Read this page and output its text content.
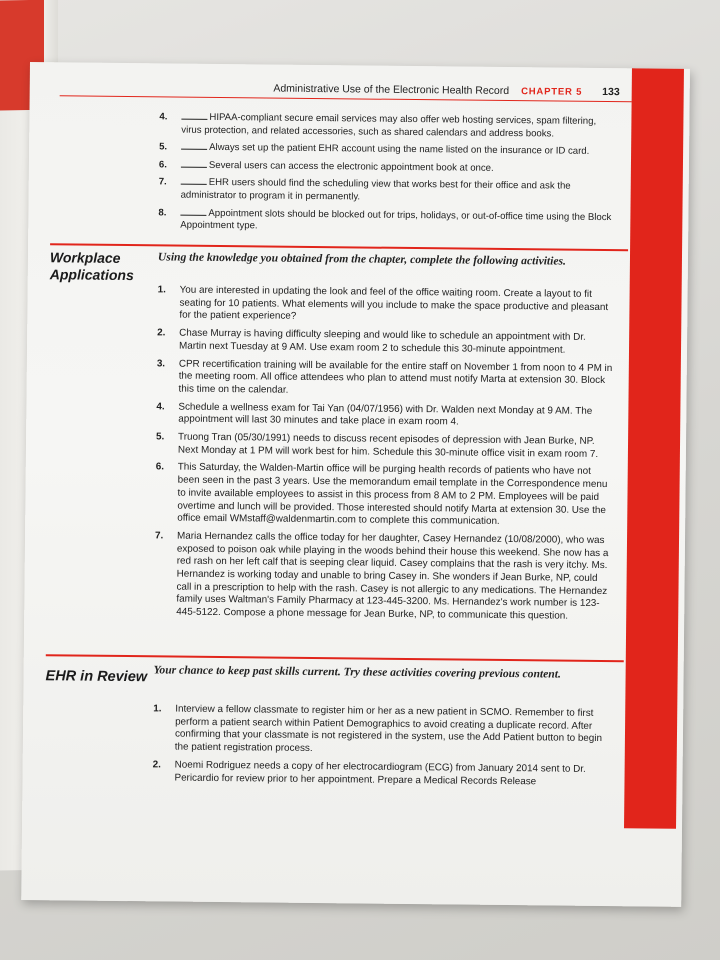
Administrative Use of the Electronic Health Record CHAPTER 5 133
4.	HIPAA-compliant secure email services may also offer web hosting services, spam filtering, virus protection, and related accessories, such as shared calendars and address books.
5.	Always set up the patient EHR account using the name listed on the insurance or ID card.
6.	Several users can access the electronic appointment book at once.
7.	EHR users should find the scheduling view that works best for their office and ask the administrator to program it in permanently.
8.	Appointment slots should be blocked out for trips, holidays, or out-of-office time using the Block Appointment type.
Workplace
Applications
Using the knowledge you obtained from the chapter, complete the following activities.
1.	You are interested in updating the look and feel of the office waiting room. Create a layout to fit seating for 10 patients. What elements will you include to make the space productive and pleasant for the patient experience?
2.	Chase Murray is having difficulty sleeping and would like to schedule an appointment with Dr. Martin next Tuesday at 9 AM. Use exam room 2 to schedule this 30-minute appointment.
3.	CPR recertification training will be available for the entire staff on November 1 from noon to 4 PM in the meeting room. All office attendees who plan to attend must notify Marta at extension 30. Block this time on the calendar.
4.	Schedule a wellness exam for Tai Yan (04/07/1956) with Dr. Walden next Monday at 9 AM. The appointment will last 30 minutes and take place in exam room 4.
5.	Truong Tran (05/30/1991) needs to discuss recent episodes of depression with Jean Burke, NP. Next Monday at 1 PM will work best for him. Schedule this 30-minute office visit in exam room 7.
6.	This Saturday, the Walden-Martin office will be purging health records of patients who have not been seen in the past 3 years. Use the memorandum email template in the Correspondence menu to invite available employees to assist in this process from 8 AM to 2 PM. Employees will be paid overtime and lunch will be provided. Those interested should notify Marta at extension 30. Use the office email WMstaff@waldenmartin.com to complete this communication.
7.	Maria Hernandez calls the office today for her daughter, Casey Hernandez (10/08/2000), who was exposed to poison oak while playing in the woods behind their house this weekend. She now has a red rash on her left calf that is seeping clear liquid. Casey complains that the rash is very itchy. Ms. Hernandez is working today and unable to bring Casey in. She wonders if Jean Burke, NP, could call in a prescription to help with the rash. Casey is not allergic to any medications. The Hernandez family uses Waltman's Family Pharmacy at 123-445-3200. Ms. Hernandez's work number is 123-445-5122. Compose a phone message for Jean Burke, NP, to communicate this question.
EHR in Review Your chance to keep past skills current. Try these activities covering previous content.
1.	Interview a fellow classmate to register him or her as a new patient in SCMO. Remember to first perform a patient search within Patient Demographics to avoid creating a duplicate record. After confirming that your classmate is not registered in the system, use the Add Patient button to begin the patient registration process.
2.	Noemi Rodriguez needs a copy of her electrocardiogram (ECG) from January 2014 sent to Dr. Pericardio for review prior to her appointment. Prepare a Medical Records Release
